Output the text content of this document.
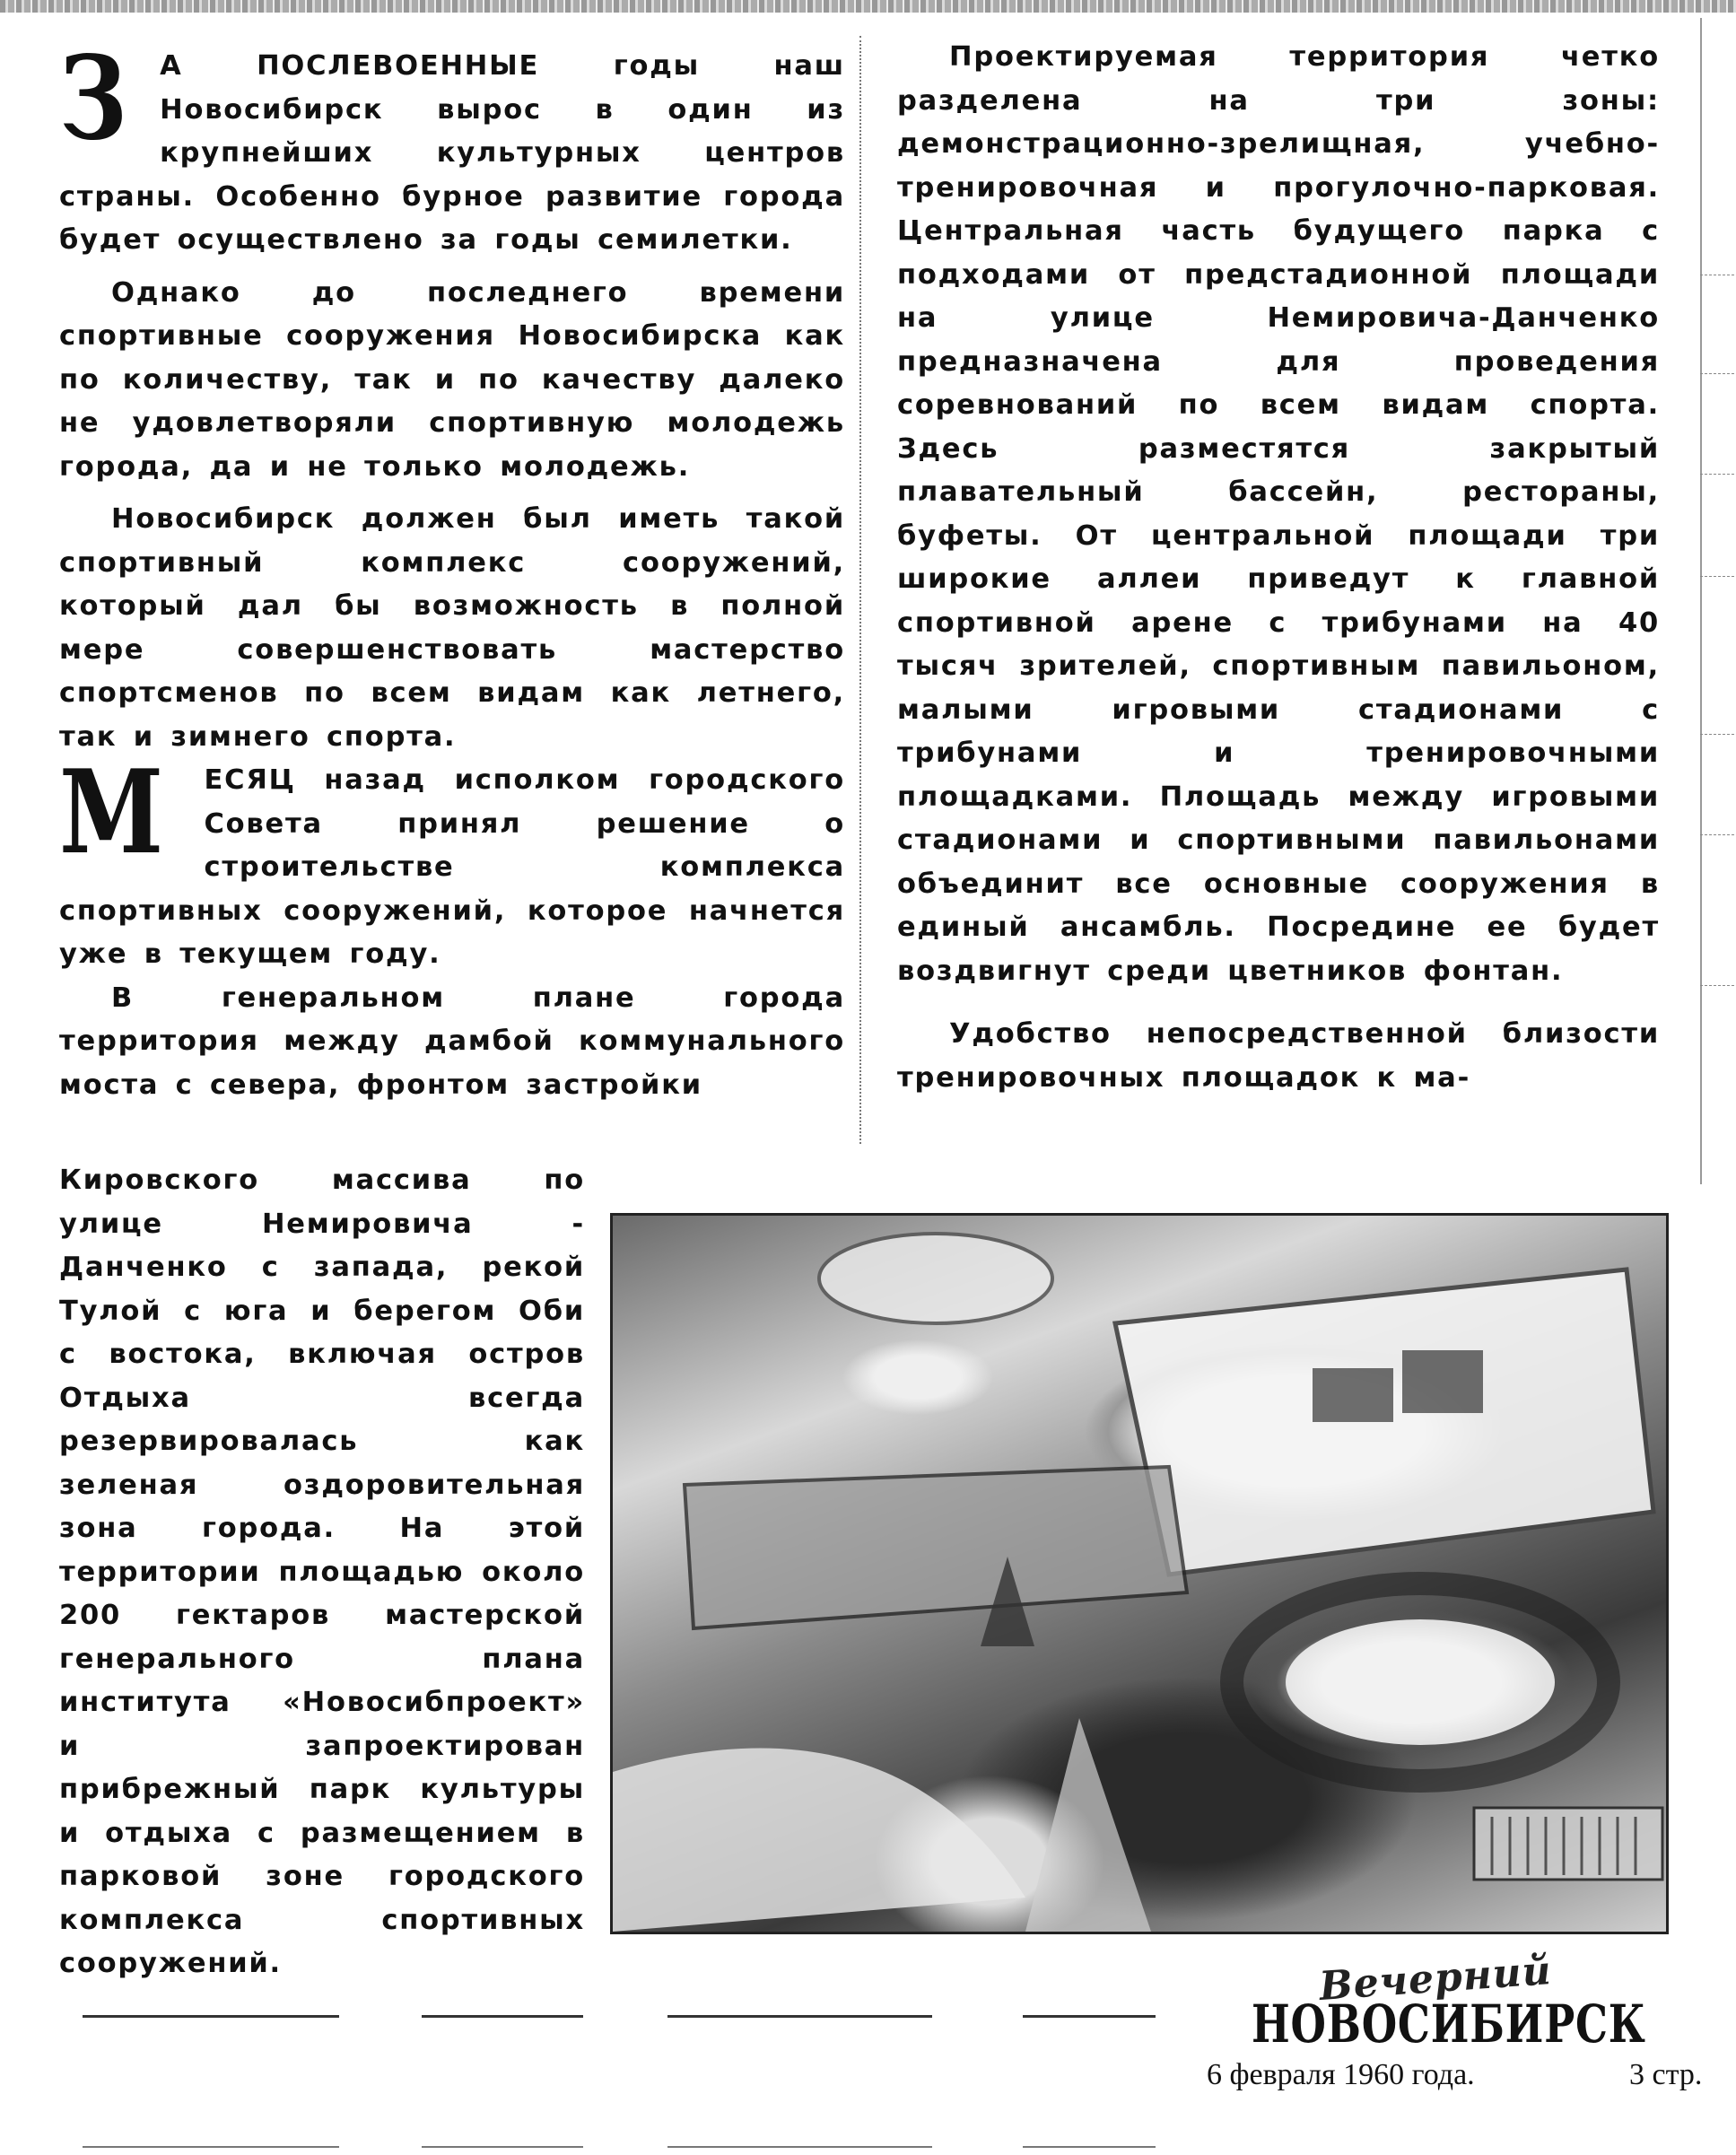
З А ПОСЛЕВОЕННЫЕ годы наш Новосибирск вырос в один из крупнейших культурных центров страны. Особенно бурное развитие города будет осуществлено за годы семилетки.

Однако до последнего времени спортивные сооружения Новосибирска как по количеству, так и по качеству далеко не удовлетворяли спортивную молодежь города, да и не только молодежь.

Новосибирск должен был иметь такой спортивный комплекс сооружений, который дал бы возможность в полной мере совершенствовать мастерство спортсменов по всем видам как летнего, так и зимнего спорта.

М ЕСЯЦ назад исполком городского Совета принял решение о строительстве комплекса спортивных сооружений, которое начнется уже в текущем году.

В генеральном плане города территория между дамбой коммунального моста с севера, фронтом застройки

Кировского массива по улице Немировича - Данченко с запада, рекой Тулой с юга и берегом Оби с востока, включая остров Отдыха всегда резервировалась как зеленая оздоровительная зона города. На этой территории площадью около 200 гектаров мастерской генерального плана института «Новосибпроект» и запроектирован прибрежный парк культуры и отдыха с размещением в парковой зоне городского комплекса спортивных сооружений.

Проектируемая территория четко разделена на три зоны: демонстрационно-зрелищная, учебно-тренировочная и прогулочно-парковая. Центральная часть будущего парка с подходами от предстадионной площади на улице Немировича-Данченко предназначена для проведения соревнований по всем видам спорта. Здесь разместятся закрытый плавательный бассейн, рестораны, буфеты. От центральной площади три широкие аллеи приведут к главной спортивной арене с трибунами на 40 тысяч зрителей, спортивным павильоном, малыми игровыми стадионами с трибунами и тренировочными площадками. Площадь между игровыми стадионами и спортивными павильонами объединит все основные сооружения в единый ансамбль. Посредине ее будет воздвигнут среди цветников фонтан.

Удобство непосредственной близости тренировочных площадок к ма-

Вечерний
НОВОСИБИРСК
6 февраля 1960 года.	3 стр.
